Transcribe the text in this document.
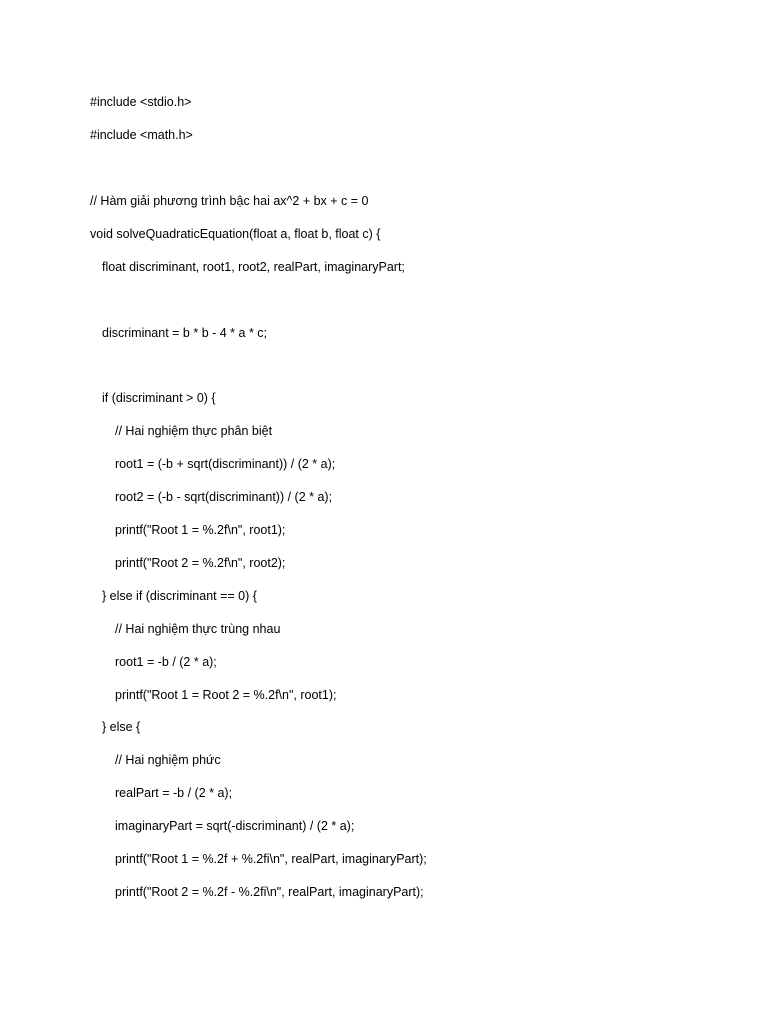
#include <stdio.h>
#include <math.h>
// Hàm giải phương trình bậc hai ax^2 + bx + c = 0
void solveQuadraticEquation(float a, float b, float c) {
float discriminant, root1, root2, realPart, imaginaryPart;
discriminant = b * b - 4 * a * c;
if (discriminant > 0) {
// Hai nghiệm thực phân biệt
root1 = (-b + sqrt(discriminant)) / (2 * a);
root2 = (-b - sqrt(discriminant)) / (2 * a);
printf("Root 1 = %.2f\n", root1);
printf("Root 2 = %.2f\n", root2);
} else if (discriminant == 0) {
// Hai nghiệm thực trùng nhau
root1 = -b / (2 * a);
printf("Root 1 = Root 2 = %.2f\n", root1);
} else {
// Hai nghiệm phức
realPart = -b / (2 * a);
imaginaryPart = sqrt(-discriminant) / (2 * a);
printf("Root 1 = %.2f + %.2fi\n", realPart, imaginaryPart);
printf("Root 2 = %.2f - %.2fi\n", realPart, imaginaryPart);
